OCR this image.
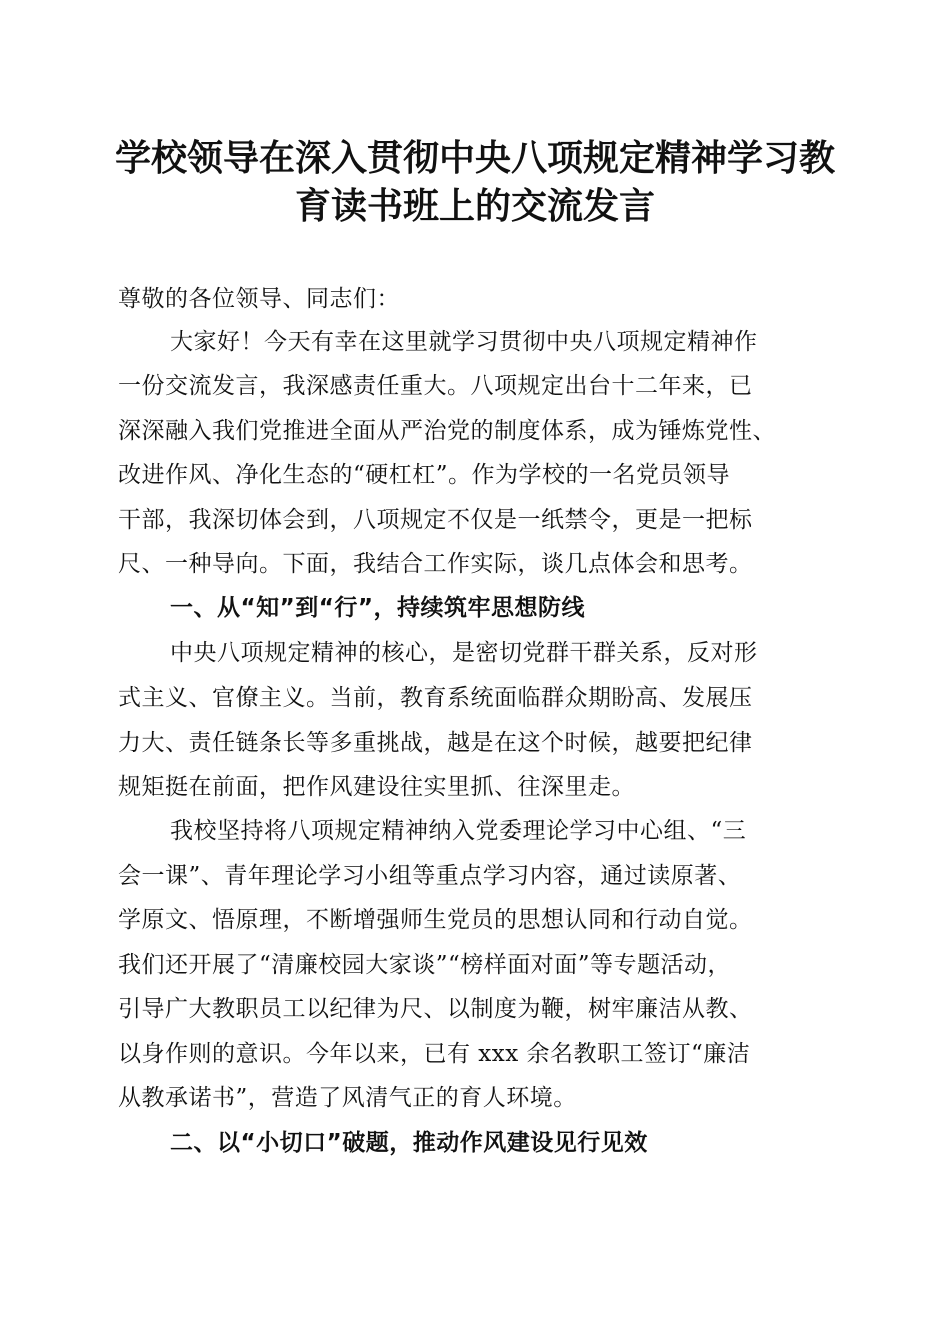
学校领导在深入贯彻中央八项规定精神学习教
育读书班上的交流发言
尊敬的各位领导、同志们：
大家好！今天有幸在这里就学习贯彻中央八项规定精神作
一份交流发言，我深感责任重大。八项规定出台十二年来，已
深深融入我们党推进全面从严治党的制度体系，成为锤炼党性、
改进作风、净化生态的“硬杠杠”。作为学校的一名党员领导
干部，我深切体会到，八项规定不仅是一纸禁令，更是一把标
尺、一种导向。下面，我结合工作实际，谈几点体会和思考。
一、从“知”到“行”，持续筑牢思想防线
中央八项规定精神的核心，是密切党群干群关系，反对形
式主义、官僚主义。当前，教育系统面临群众期盼高、发展压
力大、责任链条长等多重挑战，越是在这个时候，越要把纪律
规矩挺在前面，把作风建设往实里抓、往深里走。
我校坚持将八项规定精神纳入党委理论学习中心组、“三
会一课”、青年理论学习小组等重点学习内容，通过读原著、
学原文、悟原理，不断增强师生党员的思想认同和行动自觉。
我们还开展了“清廉校园大家谈”“榜样面对面”等专题活动，
引导广大教职员工以纪律为尺、以制度为鞭，树牢廉洁从教、
以身作则的意识。今年以来，已有 xxx 余名教职工签订“廉洁
从教承诺书”，营造了风清气正的育人环境。
二、以“小切口”破题，推动作风建设见行见效
